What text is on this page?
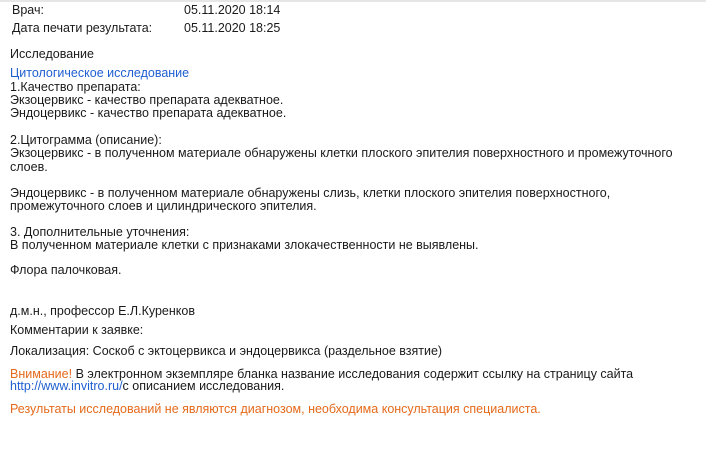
Врач:	05.11.2020 18:14
Дата печати результата:	05.11.2020 18:25
Исследование
Цитологическое исследование
1.Качество препарата:
Экзоцервикс - качество препарата адекватное.
Эндоцервикс - качество препарата адекватное.
2.Цитограмма (описание):
Экзоцервикс - в полученном материале обнаружены клетки плоского эпителия поверхностного и промежуточного
слоев.
Эндоцервикс - в полученном материале обнаружены слизь, клетки плоского эпителия поверхностного,
промежуточного слоев и цилиндрического эпителия.
3. Дополнительные уточнения:
В полученном материале клетки с признаками злокачественности не выявлены.
Флора палочковая.
д.м.н., профессор Е.Л.Куренков
Комментарии к заявке:
Локализация: Соскоб с эктоцервикса и эндоцервикса (раздельное взятие)
Внимание! В электронном экземпляре бланка название исследования содержит ссылку на страницу сайта
http://www.invitro.ru/с описанием исследования.
Результаты исследований не являются диагнозом, необходима консультация специалиста.
